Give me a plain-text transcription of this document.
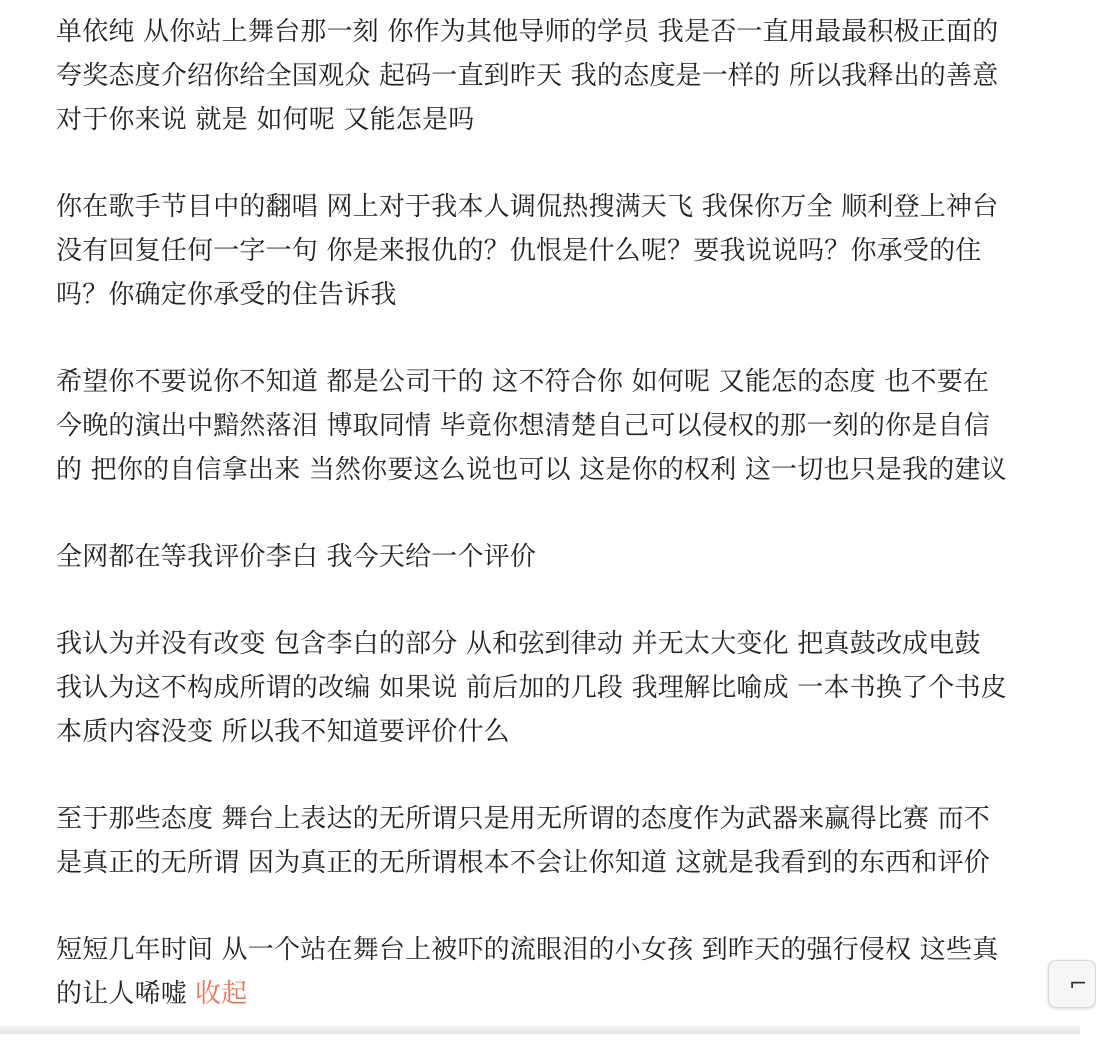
单依纯 从你站上舞台那一刻 你作为其他导师的学员 我是否一直用最最积极正面的
夸奖态度介绍你给全国观众 起码一直到昨天 我的态度是一样的 所以我释出的善意
对于你来说 就是 如何呢 又能怎是吗

你在歌手节目中的翻唱 网上对于我本人调侃热搜满天飞 我保你万全 顺利登上神台
没有回复任何一字一句 你是来报仇的？仇恨是什么呢？要我说说吗？你承受的住
吗？你确定你承受的住告诉我

希望你不要说你不知道 都是公司干的 这不符合你 如何呢 又能怎的态度 也不要在
今晚的演出中黯然落泪 博取同情 毕竟你想清楚自己可以侵权的那一刻的你是自信
的 把你的自信拿出来 当然你要这么说也可以 这是你的权利 这一切也只是我的建议

全网都在等我评价李白 我今天给一个评价

我认为并没有改变 包含李白的部分 从和弦到律动 并无太大变化 把真鼓改成电鼓
我认为这不构成所谓的改编 如果说 前后加的几段 我理解比喻成 一本书换了个书皮
本质内容没变 所以我不知道要评价什么

至于那些态度 舞台上表达的无所谓只是用无所谓的态度作为武器来赢得比赛 而不
是真正的无所谓 因为真正的无所谓根本不会让你知道 这就是我看到的东西和评价

短短几年时间 从一个站在舞台上被吓的流眼泪的小女孩 到昨天的强行侵权 这些真
的让人唏嘘 收起	⌐
